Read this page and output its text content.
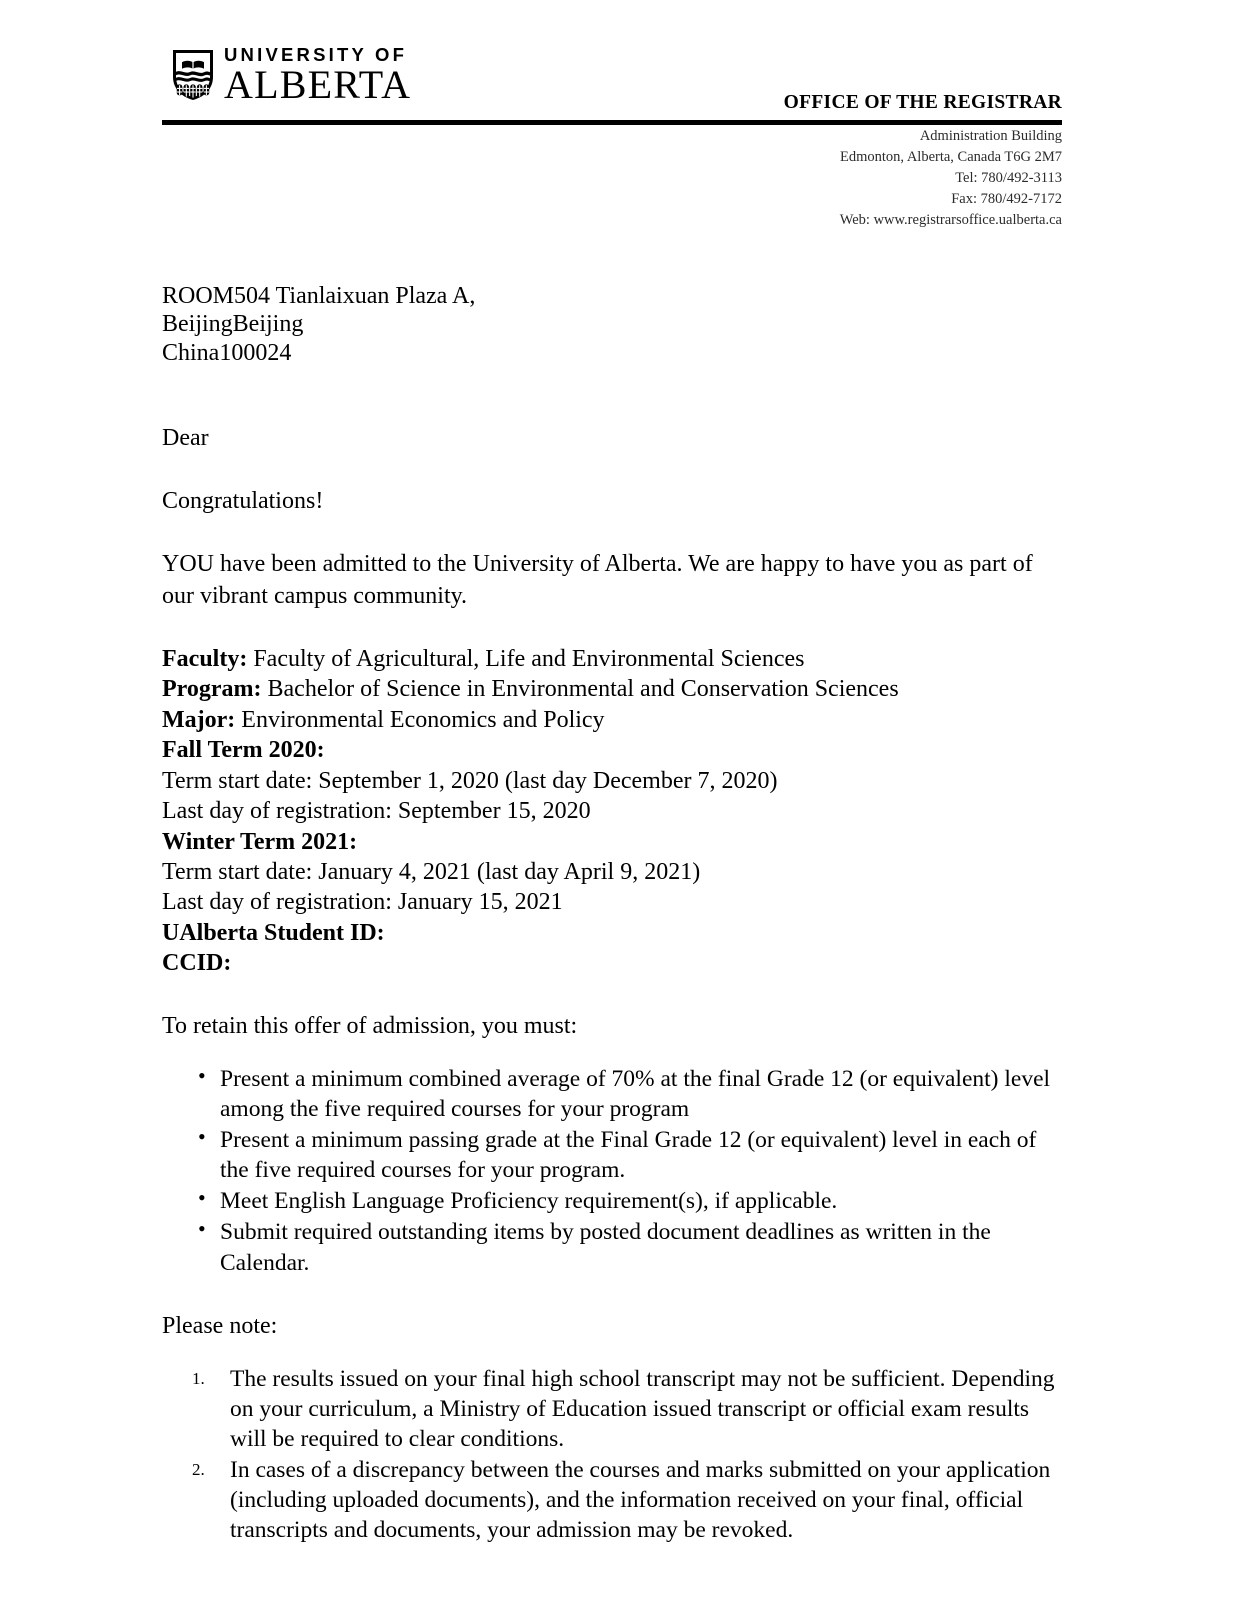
UNIVERSITY OF
ALBERTA	OFFICE OF THE REGISTRAR
Administration Building
Edmonton, Alberta, Canada T6G 2M7
Tel: 780/492-3113
Fax: 780/492-7172
Web: www.registrarsoffice.ualberta.ca
ROOM504 Tianlaixuan Plaza A,
BeijingBeijing
China100024

Dear

Congratulations!

YOU have been admitted to the University of Alberta. We are happy to have you as part of our vibrant campus community.

Faculty: Faculty of Agricultural, Life and Environmental Sciences
Program: Bachelor of Science in Environmental and Conservation Sciences
Major: Environmental Economics and Policy
Fall Term 2020:
Term start date: September 1, 2020 (last day December 7, 2020)
Last day of registration: September 15, 2020
Winter Term 2021:
Term start date: January 4, 2021 (last day April 9, 2021)
Last day of registration: January 15, 2021
UAlberta Student ID:
CCID:

To retain this offer of admission, you must:

• Present a minimum combined average of 70% at the final Grade 12 (or equivalent) level among the five required courses for your program
• Present a minimum passing grade at the Final Grade 12 (or equivalent) level in each of the five required courses for your program.
• Meet English Language Proficiency requirement(s), if applicable.
• Submit required outstanding items by posted document deadlines as written in the Calendar.

Please note:

1. The results issued on your final high school transcript may not be sufficient. Depending on your curriculum, a Ministry of Education issued transcript or official exam results will be required to clear conditions.
2. In cases of a discrepancy between the courses and marks submitted on your application (including uploaded documents), and the information received on your final, official transcripts and documents, your admission may be revoked.
